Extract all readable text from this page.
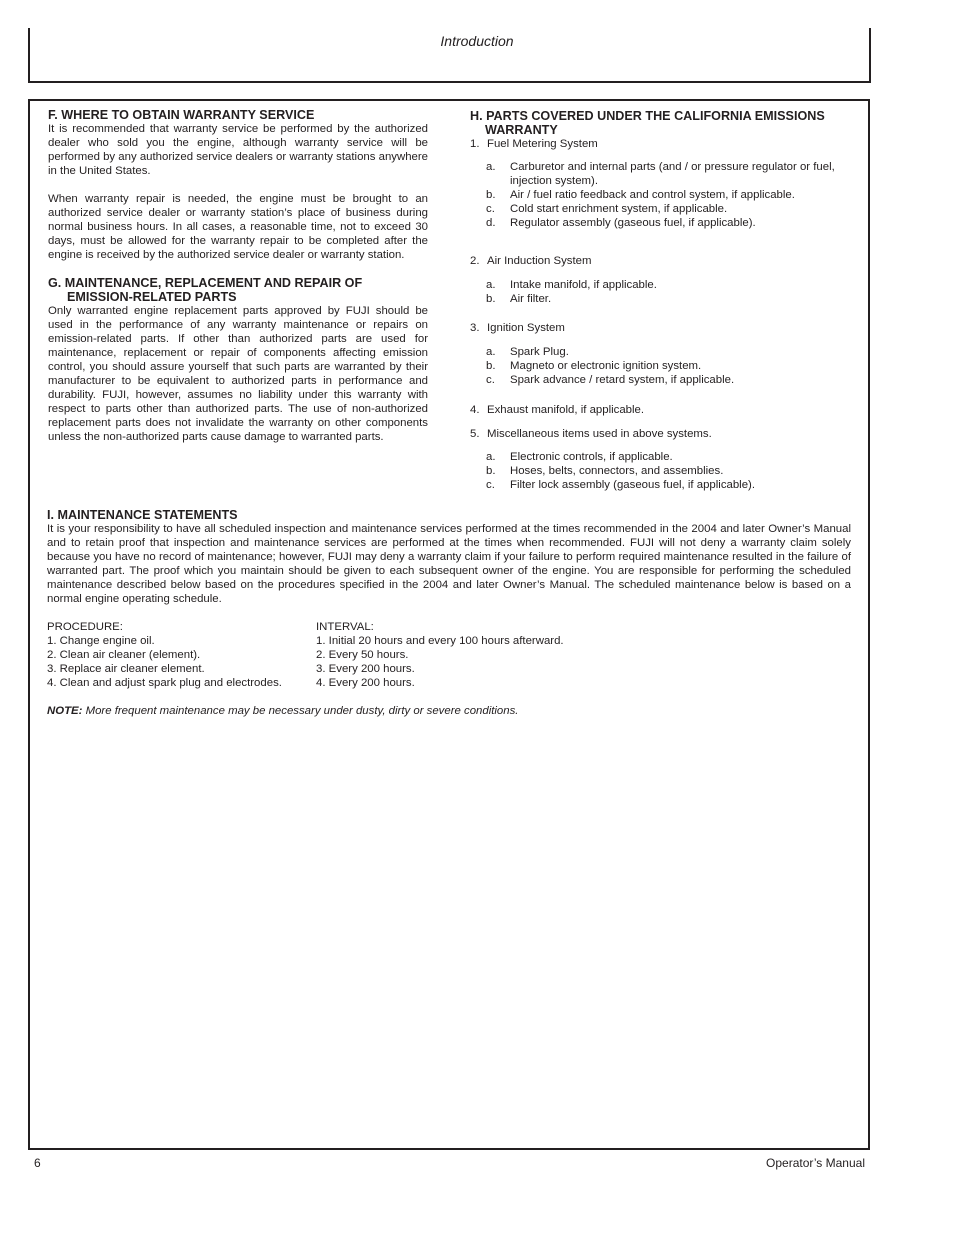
Introduction
F. WHERE TO OBTAIN WARRANTY SERVICE

It is recommended that warranty service be performed by the authorized dealer who sold you the engine, although warranty service will be performed by any authorized service dealers or warranty stations anywhere in the United States.

When warranty repair is needed, the engine must be brought to an authorized service dealer or warranty station’s place of business during normal business hours. In all cases, a reasonable time, not to exceed 30 days, must be allowed for the warranty repair to be completed after the engine is received by the authorized service dealer or warranty station.

G. MAINTENANCE, REPLACEMENT AND REPAIR OF
EMISSION-RELATED PARTS

Only warranted engine replacement parts approved by FUJI should be used in the performance of any warranty maintenance or repairs on emission-related parts. If other than authorized parts are used for maintenance, replacement or repair of components affecting emission control, you should assure yourself that such parts are warranted by their manufacturer to be equivalent to authorized parts in performance and durability. FUJI, however, assumes no liability under this warranty with respect to parts other than authorized parts. The use of non-authorized replacement parts does not invalidate the warranty on other components unless the non-authorized parts cause damage to warranted parts.

H. PARTS COVERED UNDER THE CALIFORNIA EMISSIONS
WARRANTY
1. Fuel Metering System
a.	Carburetor and internal parts (and / or pressure regulator or fuel, injection system).
b.	Air / fuel ratio feedback and control system, if applicable.
c.	Cold start enrichment system, if applicable.
d.	Regulator assembly (gaseous fuel, if applicable).
2. Air Induction System
a.	Intake manifold, if applicable.
b.	Air filter.
3. Ignition System
a.	Spark Plug.
b.	Magneto or electronic ignition system.
c.	Spark advance / retard system, if applicable.
4. Exhaust manifold, if applicable.
5. Miscellaneous items used in above systems.
a.	Electronic controls, if applicable.
b.	Hoses, belts, connectors, and assemblies.
c.	Filter lock assembly (gaseous fuel, if applicable).
I. MAINTENANCE STATEMENTS

It is your responsibility to have all scheduled inspection and maintenance services performed at the times recommended in the 2004 and later Owner’s Manual and to retain proof that inspection and maintenance services are performed at the times when recommended. FUJI will not deny a warranty claim solely because you have no record of maintenance; however, FUJI may deny a warranty claim if your failure to perform required maintenance resulted in the failure of warranted part. The proof which you maintain should be given to each subsequent owner of the engine. You are responsible for performing the scheduled maintenance described below based on the procedures specified in the 2004 and later Owner’s Manual. The scheduled maintenance below is based on a normal engine operating schedule.

PROCEDURE:	INTERVAL:
1. Change engine oil.	1. Initial 20 hours and every 100 hours afterward.
2. Clean air cleaner (element).	2. Every 50 hours.
3. Replace air cleaner element.	3. Every 200 hours.
4. Clean and adjust spark plug and electrodes.	4. Every 200 hours.

NOTE: More frequent maintenance may be necessary under dusty, dirty or severe conditions.

6	Operator’s Manual
